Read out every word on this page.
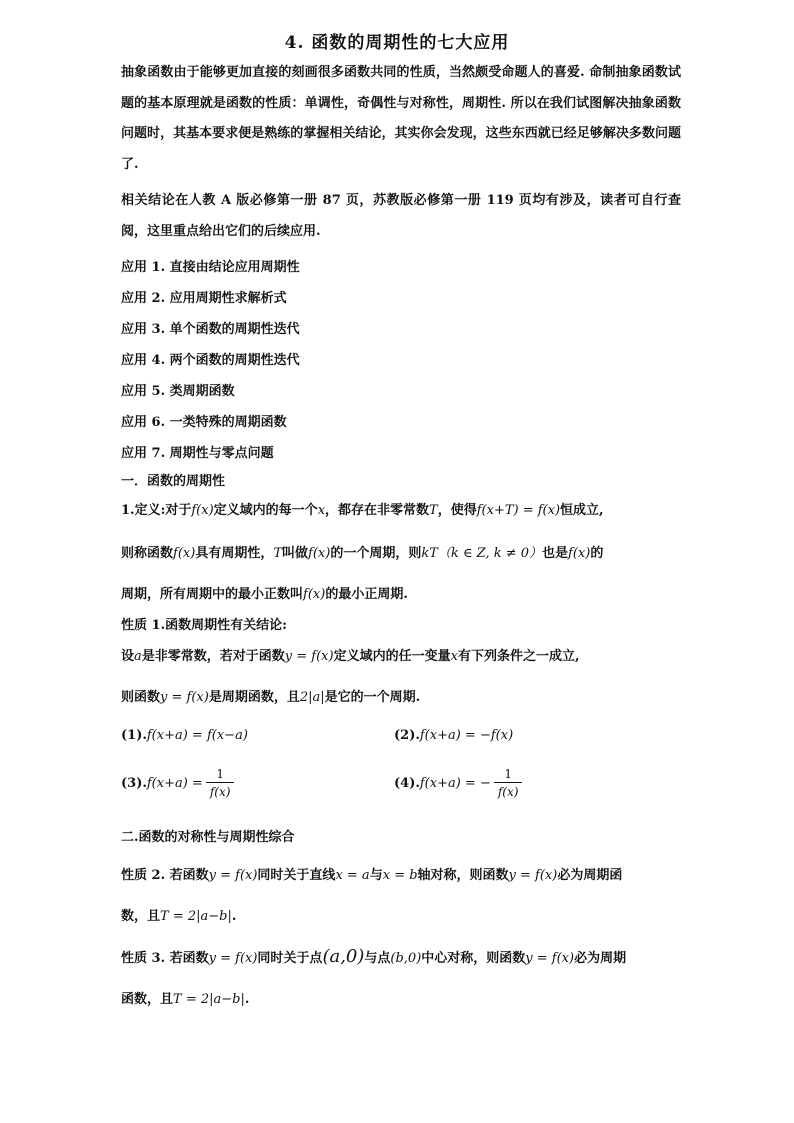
4. 函数的周期性的七大应用
抽象函数由于能够更加直接的刻画很多函数共同的性质，当然颇受命题人的喜爱. 命制抽象函数试题的基本原理就是函数的性质：单调性，奇偶性与对称性，周期性. 所以在我们试图解决抽象函数问题时，其基本要求便是熟练的掌握相关结论，其实你会发现，这些东西就已经足够解决多数问题了.
相关结论在人教 A 版必修第一册 87 页，苏教版必修第一册 119 页均有涉及，读者可自行查阅，这里重点给出它们的后续应用.
应用 1. 直接由结论应用周期性
应用 2. 应用周期性求解析式
应用 3. 单个函数的周期性迭代
应用 4. 两个函数的周期性迭代
应用 5. 类周期函数
应用 6. 一类特殊的周期函数
应用 7. 周期性与零点问题
一．函数的周期性
1.定义:对于f(x)定义域内的每一个x，都存在非零常数T，使得f(x+T) = f(x)恒成立,
则称函数f(x)具有周期性，T叫做f(x)的一个周期，则kT（k ∈ Z, k ≠ 0）也是f(x)的
周期，所有周期中的最小正数叫f(x)的最小正周期.
性质 1.函数周期性有关结论:
设a是非零常数，若对于函数y = f(x)定义域内的任一变量x有下列条件之一成立,
则函数y = f(x)是周期函数，且2|a|是它的一个周期.
(1).f(x+a) = f(x−a)	(2).f(x+a) = −f(x)
$(3).f(x+a) = \frac{1}{f(x)}$	(4).f(x+a) = − $\frac{1}{f(x)}$
二.函数的对称性与周期性综合
性质 2. 若函数y = f(x)同时关于直线x = a与x = b轴对称，则函数y = f(x)必为周期函
数，且T = 2|a−b|.
性质 3. 若函数y = f(x)同时关于点(a,0)与点(b,0)中心对称，则函数y = f(x)必为周期
函数，且T = 2|a−b|.
